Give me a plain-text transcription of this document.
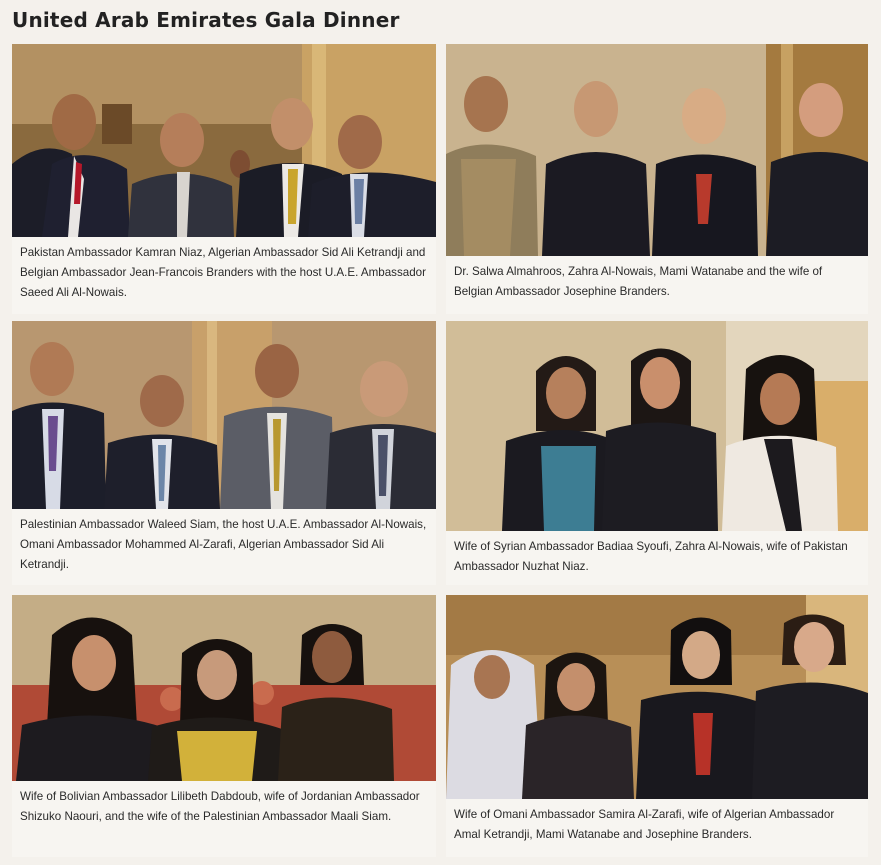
United Arab Emirates Gala Dinner
Pakistan Ambassador Kamran Niaz, Algerian Ambassador Sid Ali Ketrandji and Belgian Ambassador Jean-Francois Branders with the host U.A.E. Ambassador Saeed Ali Al-Nowais.
Dr. Salwa Almahroos, Zahra Al-Nowais, Mami Watanabe and the wife of Belgian Ambassador Josephine Branders.
Palestinian Ambassador Waleed Siam, the host U.A.E. Ambassador Al-Nowais, Omani Ambassador Mohammed Al-Zarafi, Algerian Ambassador Sid Ali Ketrandji.
Wife of Syrian Ambassador Badiaa Syoufi, Zahra Al-Nowais, wife of Pakistan Ambassador Nuzhat Niaz.
Wife of Bolivian Ambassador Lilibeth Dabdoub, wife of Jordanian Ambassador Shizuko Naouri, and the wife of the Palestinian Ambassador Maali Siam.	Wife of Omani Ambassador Samira Al-Zarafi, wife of Algerian Ambassador Amal Ketrandji, Mami Watanabe and Josephine Branders.
